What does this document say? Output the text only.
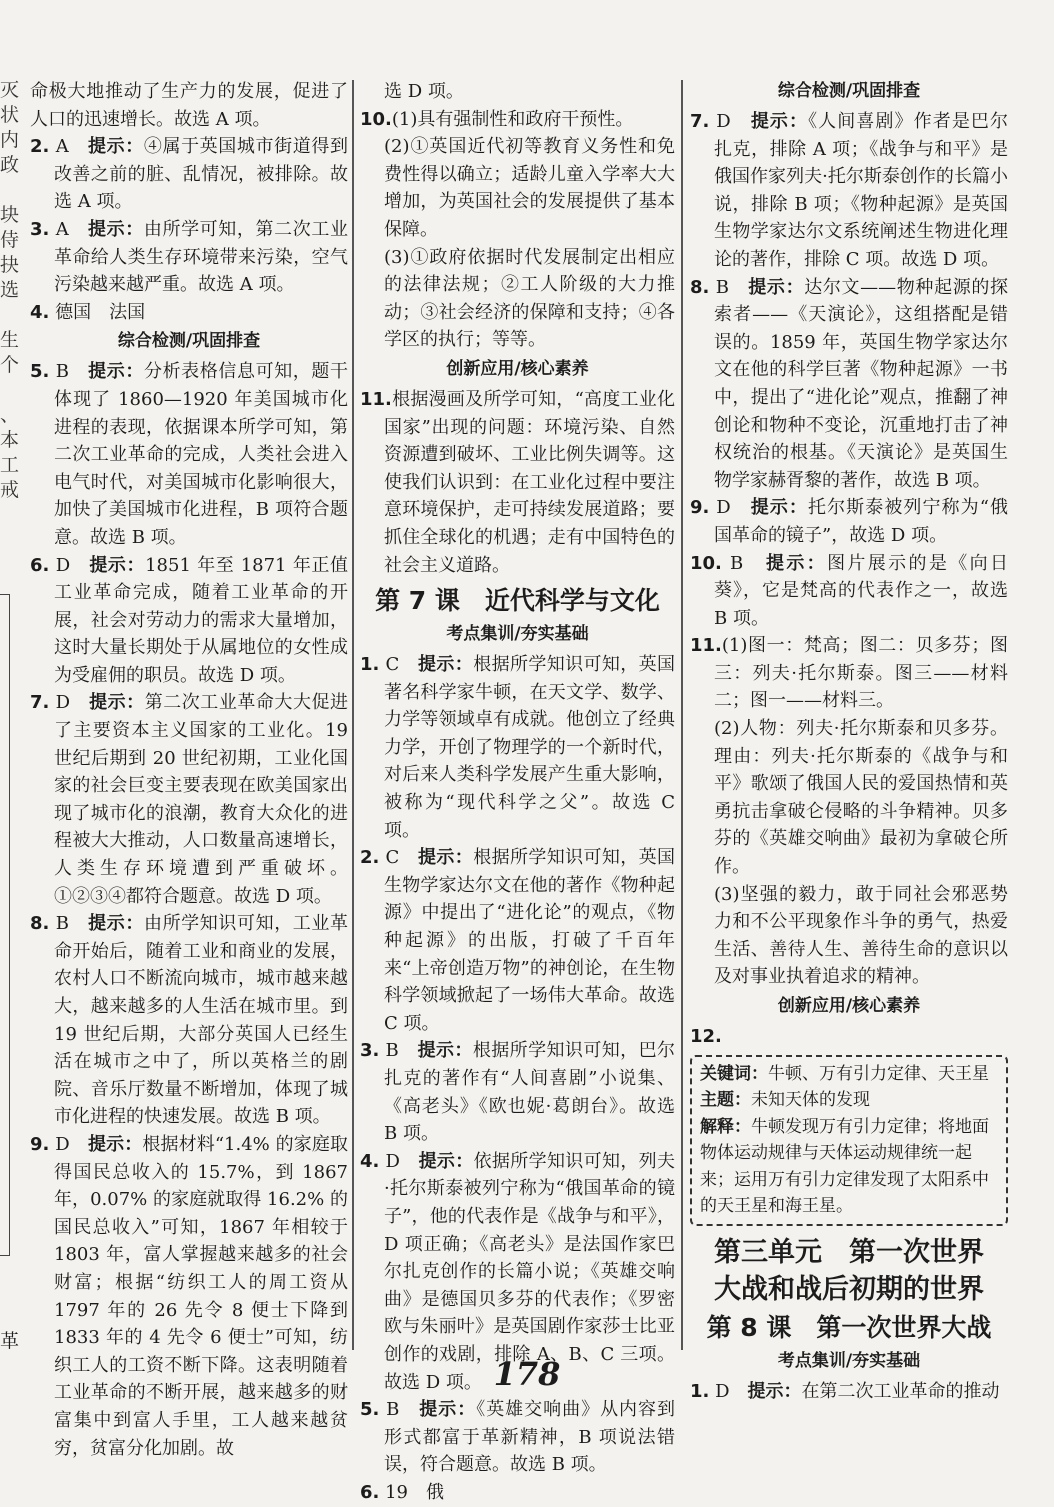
灭
状
内
政

块
侍
抉
选

生
个

、
本
工
戒
革

命极大地推动了生产力的发展，促进了人口的迅速增长。故选 A 项。

2. A　 提示：④属于英国城市街道得到改善之前的脏、乱情况，被排除。故选 A 项。

3. A　 提示：由所学可知，第二次工业革命给人类生存环境带来污染，空气污染越来越严重。故选 A 项。

4. 德国　法国

综合检测/巩固排查

5. B　 提示：分析表格信息可知，题干体现了 1860—1920 年美国城市化进程的表现，依据课本所学可知，第二次工业革命的完成，人类社会进入电气时代，对美国城市化影响很大，加快了美国城市化进程，B 项符合题意。故选 B 项。

6. D　 提示：1851 年至 1871 年正值工业革命完成，随着工业革命的开展，社会对劳动力的需求大量增加，这时大量长期处于从属地位的女性成为受雇佣的职员。故选 D 项。

7. D　 提示：第二次工业革命大大促进了主要资本主义国家的工业化。19 世纪后期到 20 世纪初期，工业化国家的社会巨变主要表现在欧美国家出现了城市化的浪潮，教育大众化的进程被大大推动，人口数量高速增长，人类生存环境遭到严重破坏。①②③④都符合题意。故选 D 项。

8. B　 提示：由所学知识可知，工业革命开始后，随着工业和商业的发展，农村人口不断流向城市，城市越来越大，越来越多的人生活在城市里。到 19 世纪后期，大部分英国人已经生活在城市之中了，所以英格兰的剧院、音乐厅数量不断增加，体现了城市化进程的快速发展。故选 B 项。

9. D　 提示：根据材料“1.4% 的家庭取得国民总收入的 15.7%，到 1867 年，0.07% 的家庭就取得 16.2% 的国民总收入”可知，1867 年相较于 1803 年，富人掌握越来越多的社会财富；根据“纺织工人的周工资从 1797 年的 26 先令 8 便士下降到 1833 年的 4 先令 6 便士”可知，纺织工人的工资不断下降。这表明随着工业革命的不断开展，越来越多的财富集中到富人手里，工人越来越贫穷，贫富分化加剧。故

选 D 项。

10.(1)具有强制性和政府干预性。

(2)①英国近代初等教育义务性和免费性得以确立；适龄儿童入学率大大增加，为英国社会的发展提供了基本保障。

(3)①政府依据时代发展制定出相应的法律法规；②工人阶级的大力推动；③社会经济的保障和支持；④各学区的执行；等等。

创新应用/核心素养

11.根据漫画及所学可知，“高度工业化国家”出现的问题：环境污染、自然资源遭到破坏、工业比例失调等。这使我们认识到：在工业化过程中要注意环境保护，走可持续发展道路；要抓住全球化的机遇；走有中国特色的社会主义道路。

第 7 课　近代科学与文化
考点集训/夯实基础

1. C　 提示：根据所学知识可知，英国著名科学家牛顿，在天文学、数学、力学等领域卓有成就。他创立了经典力学，开创了物理学的一个新时代，对后来人类科学发展产生重大影响，被称为“现代科学之父”。故选 C 项。

2. C　 提示：根据所学知识可知，英国生物学家达尔文在他的著作《物种起源》中提出了“进化论”的观点，《物种起源》的出版，打破了千百年来“上帝创造万物”的神创论，在生物科学领域掀起了一场伟大革命。故选 C 项。

3. B　 提示：根据所学知识可知，巴尔扎克的著作有“人间喜剧”小说集、《高老头》《欧也妮·葛朗台》。故选 B 项。

4. D　 提示：依据所学知识可知，列夫·托尔斯泰被列宁称为“俄国革命的镜子”，他的代表作是《战争与和平》，D 项正确；《高老头》是法国作家巴尔扎克创作的长篇小说；《英雄交响曲》是德国贝多芬的代表作；《罗密欧与朱丽叶》是英国剧作家莎士比亚创作的戏剧，排除 A、B、C 三项。故选 D 项。

5. B　 提示：《英雄交响曲》从内容到形式都富于革新精神，B 项说法错误，符合题意。故选 B 项。

6. 19　俄

综合检测/巩固排查

7. D　 提示：《人间喜剧》作者是巴尔扎克，排除 A 项；《战争与和平》是俄国作家列夫·托尔斯泰创作的长篇小说，排除 B 项；《物种起源》是英国生物学家达尔文系统阐述生物进化理论的著作，排除 C 项。故选 D 项。

8. B　 提示：达尔文——物种起源的探索者——《天演论》，这组搭配是错误的。1859 年，英国生物学家达尔文在他的科学巨著《物种起源》一书中，提出了“进化论”观点，推翻了神创论和物种不变论，沉重地打击了神权统治的根基。《天演论》是英国生物学家赫胥黎的著作，故选 B 项。

9. D　 提示：托尔斯泰被列宁称为“俄国革命的镜子”，故选 D 项。

10. B　 提示：图片展示的是《向日葵》，它是梵高的代表作之一，故选 B 项。

11.(1)图一：梵高；图二：贝多芬；图三：列夫·托尔斯泰。图三——材料二；图一——材料三。

(2)人物：列夫·托尔斯泰和贝多芬。理由：列夫·托尔斯泰的《战争与和平》歌颂了俄国人民的爱国热情和英勇抗击拿破仑侵略的斗争精神。贝多芬的《英雄交响曲》最初为拿破仑所作。

(3)坚强的毅力，敢于同社会邪恶势力和不公平现象作斗争的勇气，热爱生活、善待人生、善待生命的意识以及对事业执着追求的精神。

创新应用/核心素养

12.

关键词：牛顿、万有引力定律、天王星

主题：未知天体的发现

解释：牛顿发现万有引力定律；将地面物体运动规律与天体运动规律统一起来；运用万有引力定律发现了太阳系中的天王星和海王星。

第三单元　第一次世界
大战和战后初期的世界
第 8 课　第一次世界大战
考点集训/夯实基础

1. D　 提示：在第二次工业革命的推动

178
